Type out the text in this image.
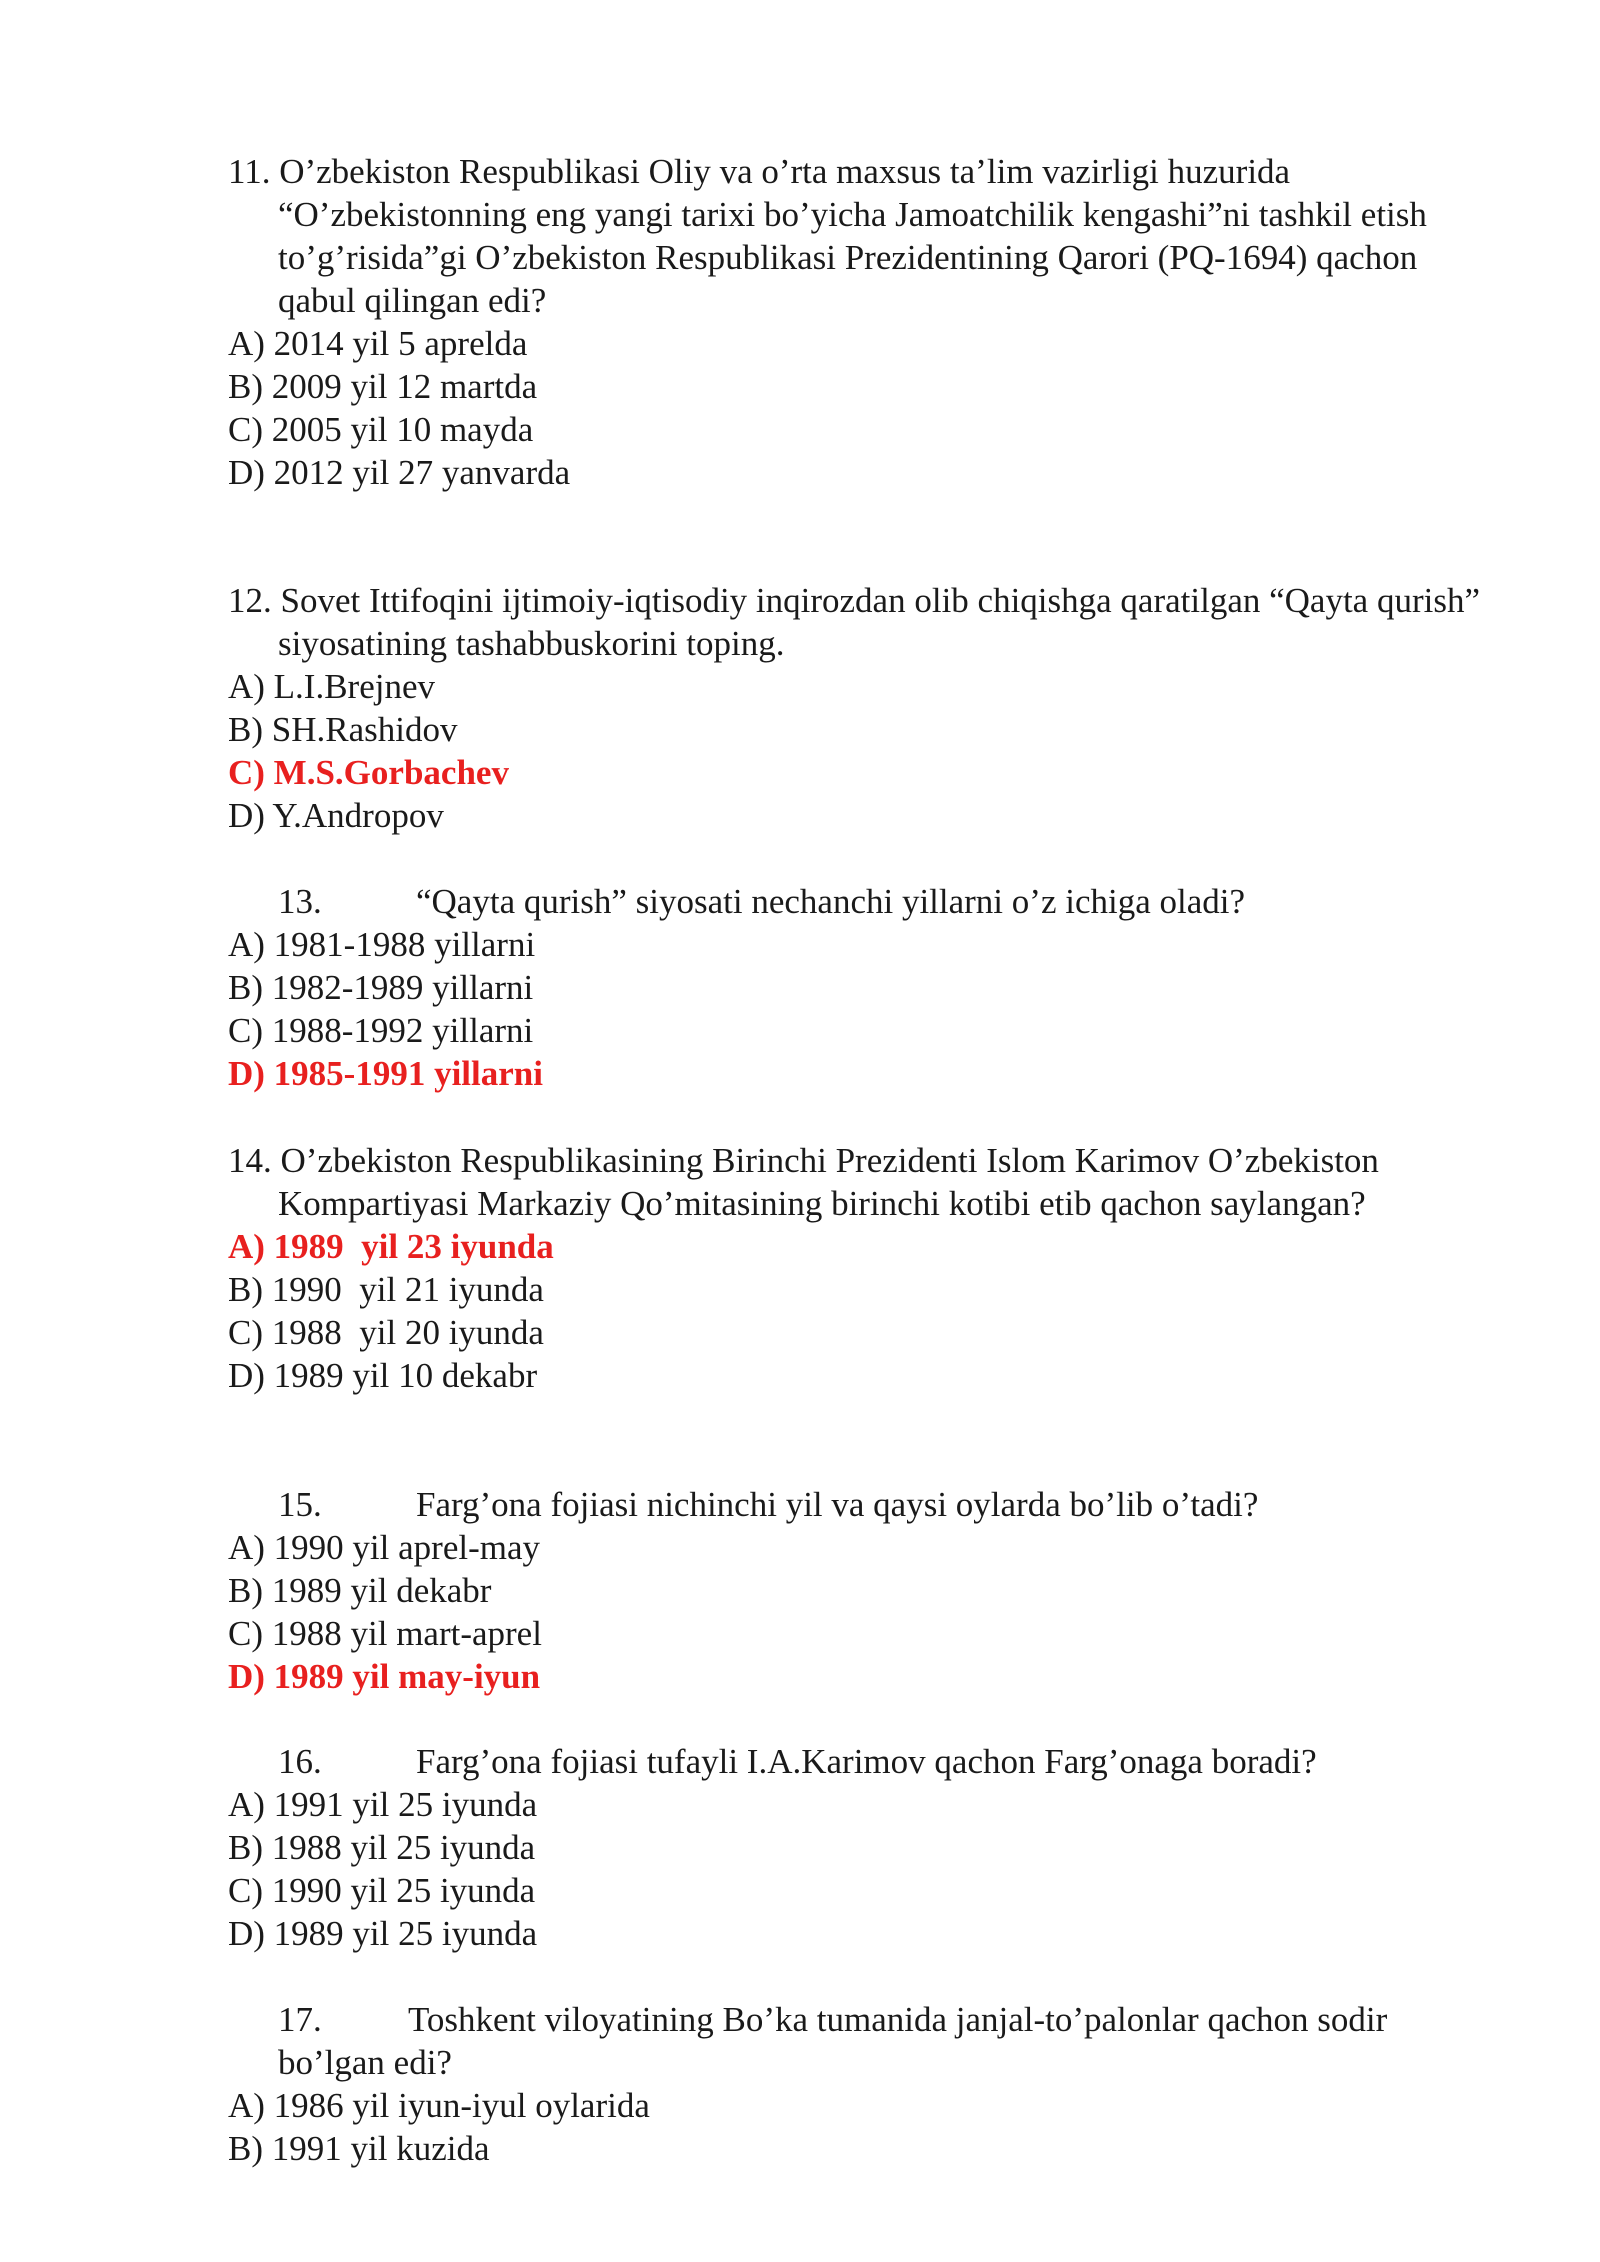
11. O’zbekiston Respublikasi Oliy va o’rta maxsus ta’lim vazirligi huzurida “O’zbekistonning eng yangi tarixi bo’yicha Jamoatchilik kengashi”ni tashkil etish to’g’risida”gi O’zbekiston Respublikasi Prezidentining Qarori (PQ-1694) qachon qabul qilingan edi?

A) 2014 yil 5 aprelda

B) 2009 yil 12 martda

C) 2005 yil 10 mayda

D) 2012 yil 27 yanvarda

12. Sovet Ittifoqini ijtimoiy-iqtisodiy inqirozdan olib chiqishga qaratilgan “Qayta qurish” siyosatining tashabbuskorini toping.

A) L.I.Brejnev

B) SH.Rashidov

C) M.S.Gorbachev

D) Y.Andropov

13.	“Qayta qurish” siyosati nechanchi yillarni o’z ichiga oladi?

A) 1981-1988 yillarni

B) 1982-1989 yillarni

C) 1988-1992 yillarni

D) 1985-1991 yillarni

14. O’zbekiston Respublikasining Birinchi Prezidenti Islom Karimov O’zbekiston Kompartiyasi Markaziy Qo’mitasining birinchi kotibi etib qachon saylangan?

A) 1989  yil 23 iyunda

B) 1990  yil 21 iyunda

C) 1988  yil 20 iyunda

D) 1989 yil 10 dekabr

15.	Farg’ona fojiasi nichinchi yil va qaysi oylarda bo’lib o’tadi?

A) 1990 yil aprel-may

B) 1989 yil dekabr

C) 1988 yil mart-aprel

D) 1989 yil may-iyun

16.	Farg’ona fojiasi tufayli I.A.Karimov qachon Farg’onaga boradi?

A) 1991 yil 25 iyunda

B) 1988 yil 25 iyunda

C) 1990 yil 25 iyunda

D) 1989 yil 25 iyunda

17. Toshkent viloyatining Bo’ka tumanida janjal-to’palonlar qachon sodir bo’lgan edi?

A) 1986 yil iyun-iyul oylarida

B) 1991 yil kuzida
